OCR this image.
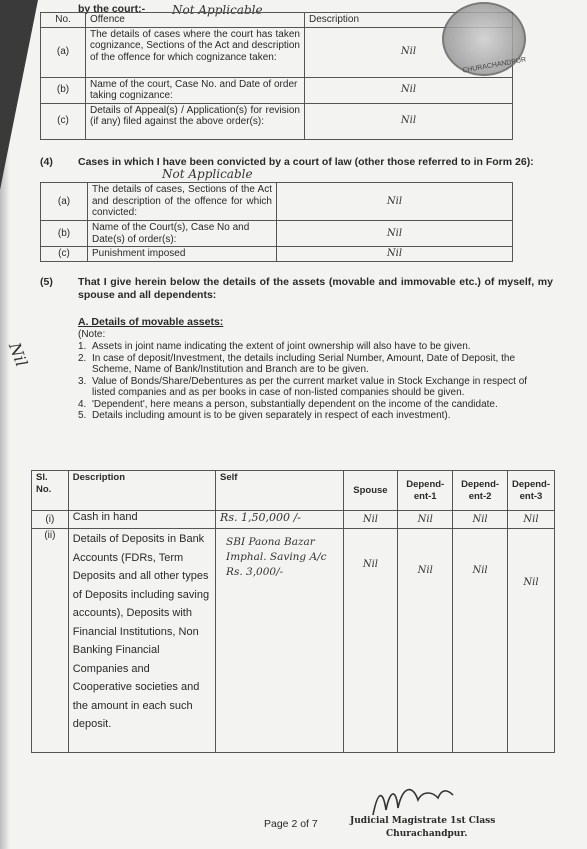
by the court:- Not Applicable
No.	Offence	Description
(a)	The details of cases where the court has taken cognizance, Sections of the Act and description of the offence for which cognizance taken:	Nil
(b)	Name of the court, Case No. and Date of order taking cognizance:	Nil
(c)	Details of Appeal(s) / Application(s) for revision (if any) filed against the above order(s):	Nil
CHURACHANDPUR
(4) Cases in which I have been convicted by a court of law (other those referred to in Form 26):
Not Applicable
(a)	The details of cases, Sections of the Act and description of the offence for which convicted:	Nil
(b)	Name of the Court(s), Case No and Date(s) of order(s):	Nil
(c)	Punishment imposed	Nil
(5) That I give herein below the details of the assets (movable and immovable etc.) of myself, my spouse and all dependents:
A. Details of movable assets:
(Note:
Nil	1. Assets in joint name indicating the extent of joint ownership will also have to be given.
2. In case of deposit/Investment, the details including Serial Number, Amount, Date of Deposit, the Scheme, Name of Bank/Institution and Branch are to be given.
3. Value of Bonds/Share/Debentures as per the current market value in Stock Exchange in respect of listed companies and as per books in case of non-listed companies should be given.
4. 'Dependent', here means a person, substantially dependent on the income of the candidate.
5. Details including amount is to be given separately in respect of each investment).
Sl. No.	Description	Self	Spouse	Depend-ent-1	Depend-ent-2	Depend-ent-3
(i)	Cash in hand	Rs. 1,50,000 /-	Nil	Nil	Nil	Nil
(ii)	Details of Deposits in Bank Accounts (FDRs, Term Deposits and all other types of Deposits including saving accounts), Deposits with Financial Institutions, Non Banking Financial Companies and Cooperative societies and the amount in each such deposit.	SBI Paona Bazar Imphal. Saving A/c Rs. 3,000/-	Nil	Nil	Nil	Nil
Page 2 of 7	Judicial Magistrate 1st Class
Churachandpur.
